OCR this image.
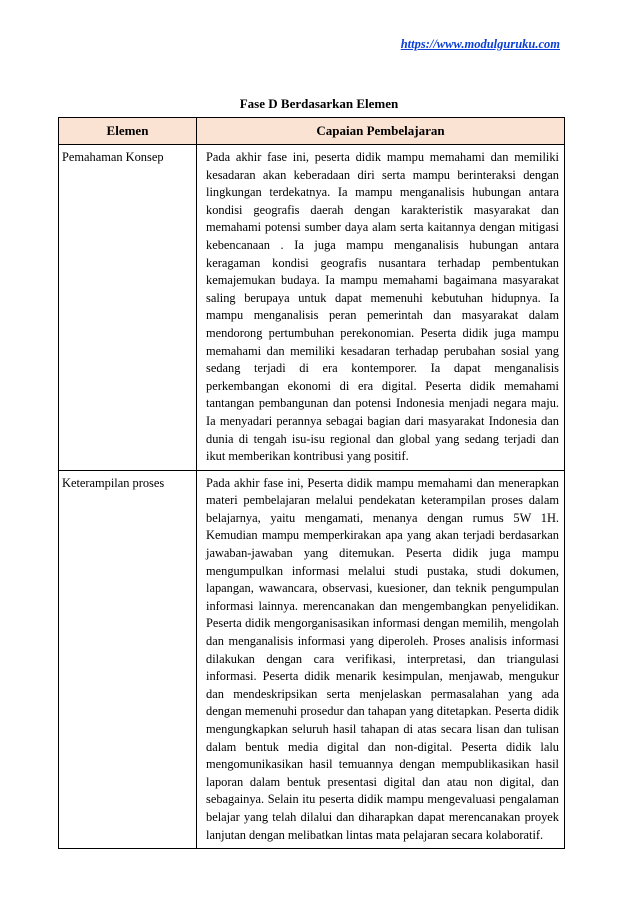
https://www.modulguruku.com
Fase D Berdasarkan Elemen
Elemen	Capaian Pembelajaran
Pemahaman Konsep	Pada akhir fase ini, peserta didik mampu memahami dan memiliki kesadaran akan keberadaan diri serta mampu berinteraksi dengan lingkungan terdekatnya. Ia mampu menganalisis hubungan antara kondisi geografis daerah dengan karakteristik masyarakat dan memahami potensi sumber daya alam serta kaitannya dengan mitigasi kebencanaan . Ia juga mampu menganalisis hubungan antara keragaman kondisi geografis nusantara terhadap pembentukan kemajemukan budaya. Ia mampu memahami bagaimana masyarakat saling berupaya untuk dapat memenuhi kebutuhan hidupnya. Ia mampu menganalisis peran pemerintah dan masyarakat dalam mendorong pertumbuhan perekonomian. Peserta didik juga mampu memahami dan memiliki kesadaran terhadap perubahan sosial yang sedang terjadi di era kontemporer. Ia dapat menganalisis perkembangan ekonomi di era digital. Peserta didik memahami tantangan pembangunan dan potensi Indonesia menjadi negara maju. Ia menyadari perannya sebagai bagian dari masyarakat Indonesia dan dunia di tengah isu-isu regional dan global yang sedang terjadi dan ikut memberikan kontribusi yang positif.
Keterampilan proses	Pada akhir fase ini, Peserta didik mampu memahami dan menerapkan materi pembelajaran melalui pendekatan keterampilan proses dalam belajarnya, yaitu mengamati, menanya dengan rumus 5W 1H. Kemudian mampu memperkirakan apa yang akan terjadi berdasarkan jawaban-jawaban yang ditemukan. Peserta didik juga mampu mengumpulkan informasi melalui studi pustaka, studi dokumen, lapangan, wawancara, observasi, kuesioner, dan teknik pengumpulan informasi lainnya. merencanakan dan mengembangkan penyelidikan. Peserta didik mengorganisasikan informasi dengan memilih, mengolah dan menganalisis informasi yang diperoleh. Proses analisis informasi dilakukan dengan cara verifikasi, interpretasi, dan triangulasi informasi. Peserta didik menarik kesimpulan, menjawab, mengukur dan mendeskripsikan serta menjelaskan permasalahan yang ada dengan memenuhi prosedur dan tahapan yang ditetapkan. Peserta didik mengungkapkan seluruh hasil tahapan di atas secara lisan dan tulisan dalam bentuk media digital dan non-digital. Peserta didik lalu mengomunikasikan hasil temuannya dengan mempublikasikan hasil laporan dalam bentuk presentasi digital dan atau non digital, dan sebagainya. Selain itu peserta didik mampu mengevaluasi pengalaman belajar yang telah dilalui dan diharapkan dapat merencanakan proyek lanjutan dengan melibatkan lintas mata pelajaran secara kolaboratif.
